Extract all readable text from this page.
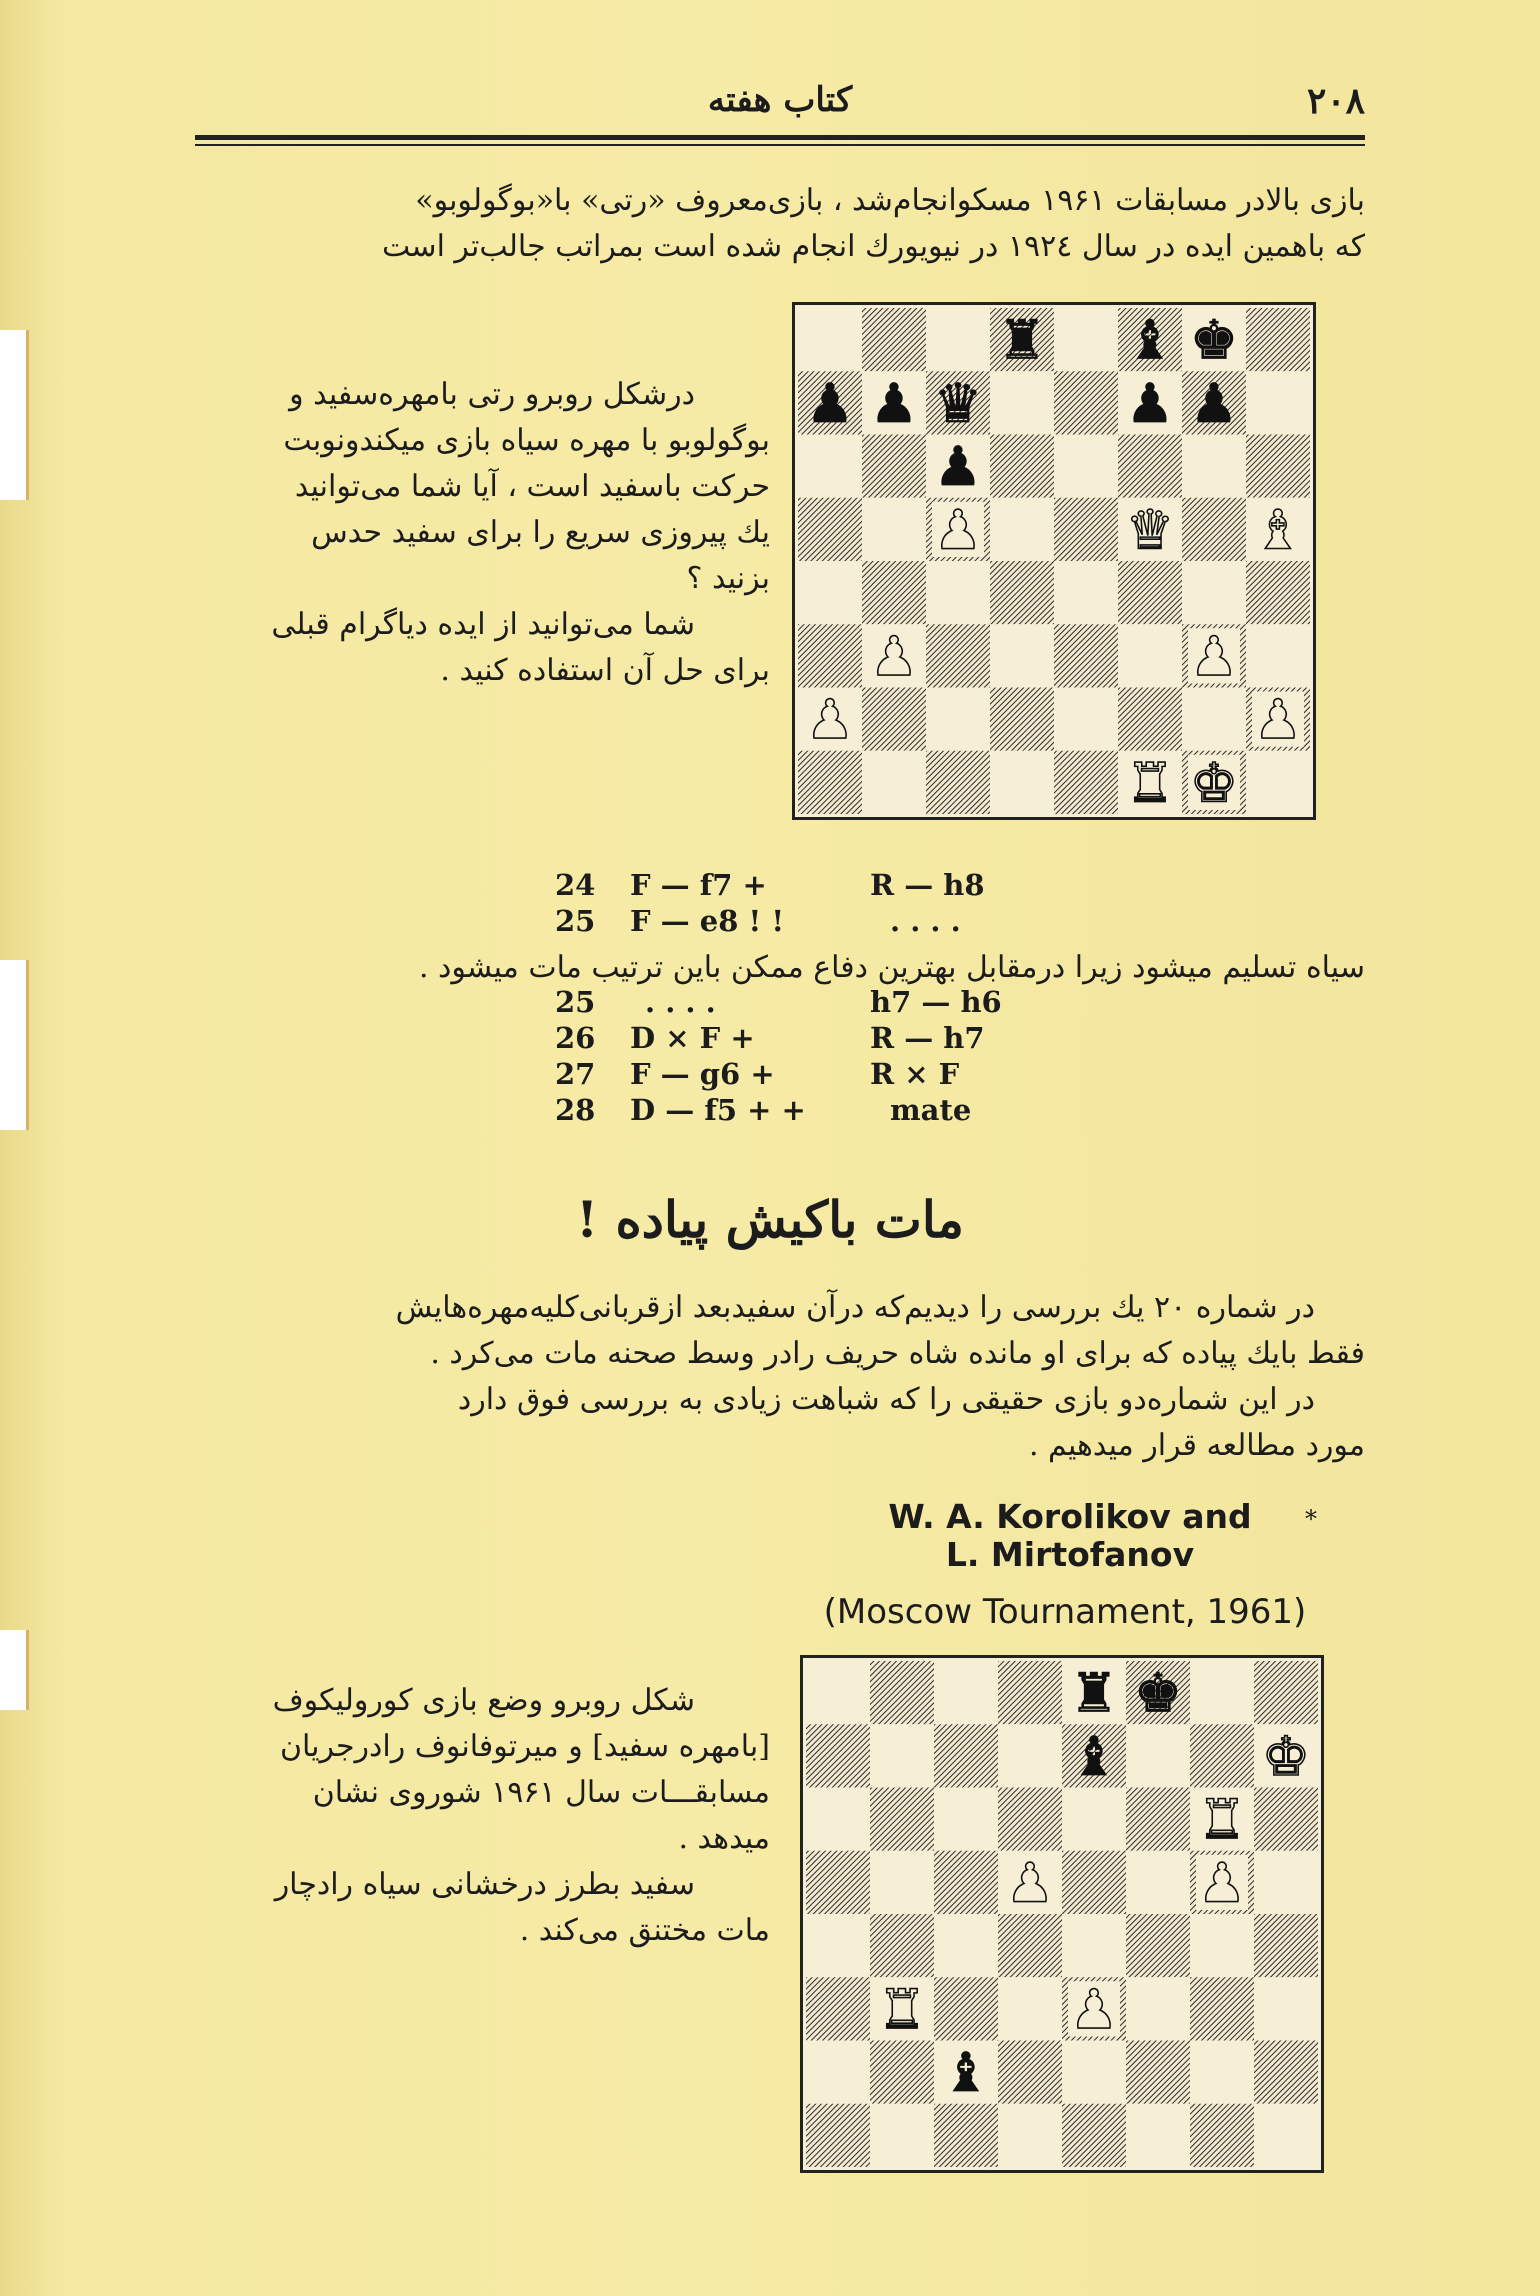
کتاب هفته	۲۰۸
بازی بالادر مسابقات ۱۹۶۱ مسکوانجام‌شد ، بازی‌معروف «رتی» با«بوگولوبو»
که باهمین ایده در سال ۱۹۲٤ در نیویورك انجام شده است بمراتب جالب‌تر است
درشکل روبرو رتی بامهره‌سفید و
بوگولوبو با مهره سیاه بازی میکندونوبت
حرکت باسفید است ، آیا شما می‌توانید
یك پیروزی سریع را برای سفید حدس
بزنید ؟
شما می‌توانید از ایده دیاگرام قبلی
برای حل آن استفاده کنید .
♜ ♝ ♚
♟ ♟ ♛	♟ ♟
♟
♟	♛ ♝
♟	♟
♟	♟
♜ ♚
24 F — f7 +	R — h8
25 F — e8 ! !	. . . .
سیاه تسلیم میشود زیرا درمقابل بهترین دفاع ممکن باین ترتیب مات میشود .
25 . . . .	h7 — h6
26 D × F +	R — h7
27 F — g6 +	R × F
28 D — f5 + +	mate
مات باکیش پیاده !
در شماره ۲۰ یك بررسی را دیدیم‌که درآن سفیدبعد ازقربانی‌کلیه‌مهره‌هایش
فقط بایك پیاده که برای او مانده شاه حریف رادر وسط صحنه مات می‌کرد .
در این شماره‌دو بازی حقیقی را که شباهت زیادی به بررسی فوق دارد
مورد مطالعه قرار میدهیم .
W. A. Korolikov and
L. Mirtofanov
*
(Moscow Tournament, 1961)
شکل روبرو وضع بازی کورولیکوف
[بامهره سفید] و میرتوفانوف رادرجریان
مسابقـــات سال ۱۹۶۱ شوروی نشان
میدهد .
سفید بطرز درخشانی سیاه رادچار
مات مختنق می‌کند .
♜ ♚
♝	♚
♜
♟	♟
♜	♟
♝
